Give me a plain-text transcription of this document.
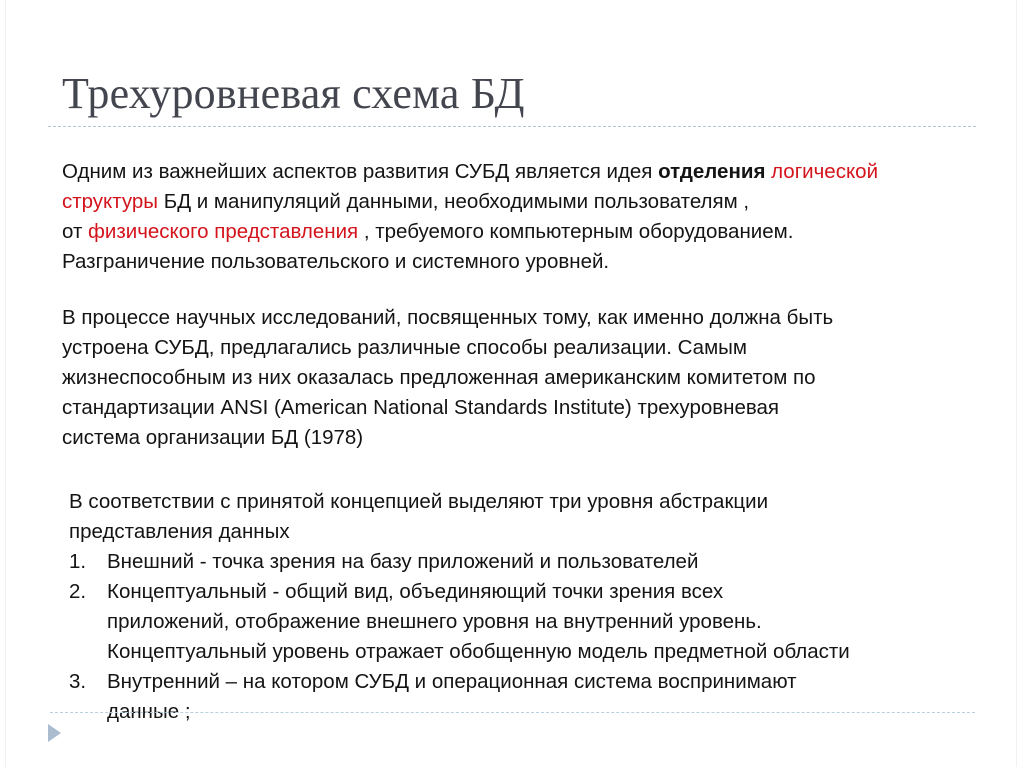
Трехуровневая схема БД
Одним из важнейших аспектов развития СУБД является идея отделения логической
структуры БД и манипуляций данными, необходимыми пользователям ,
от физического представления , требуемого компьютерным оборудованием.
Разграничение пользовательского и системного уровней.
В процессе научных исследований, посвященных тому, как именно должна быть
устроена СУБД, предлагались различные способы реализации. Самым
жизнеспособным из них оказалась предложенная американским комитетом по
стандартизации ANSI (American National Standards Institute) трехуровневая
система организации БД (1978)
В соответствии с принятой концепцией выделяют три уровня абстракции
представления данных
1. Внешний - точка зрения на базу приложений и пользователей
2. Концептуальный - общий вид, объединяющий точки зрения всех
приложений, отображение внешнего уровня на внутренний уровень.
Концептуальный уровень отражает обобщенную модель предметной области
3. Внутренний – на котором СУБД и операционная система воспринимают
данные ;
